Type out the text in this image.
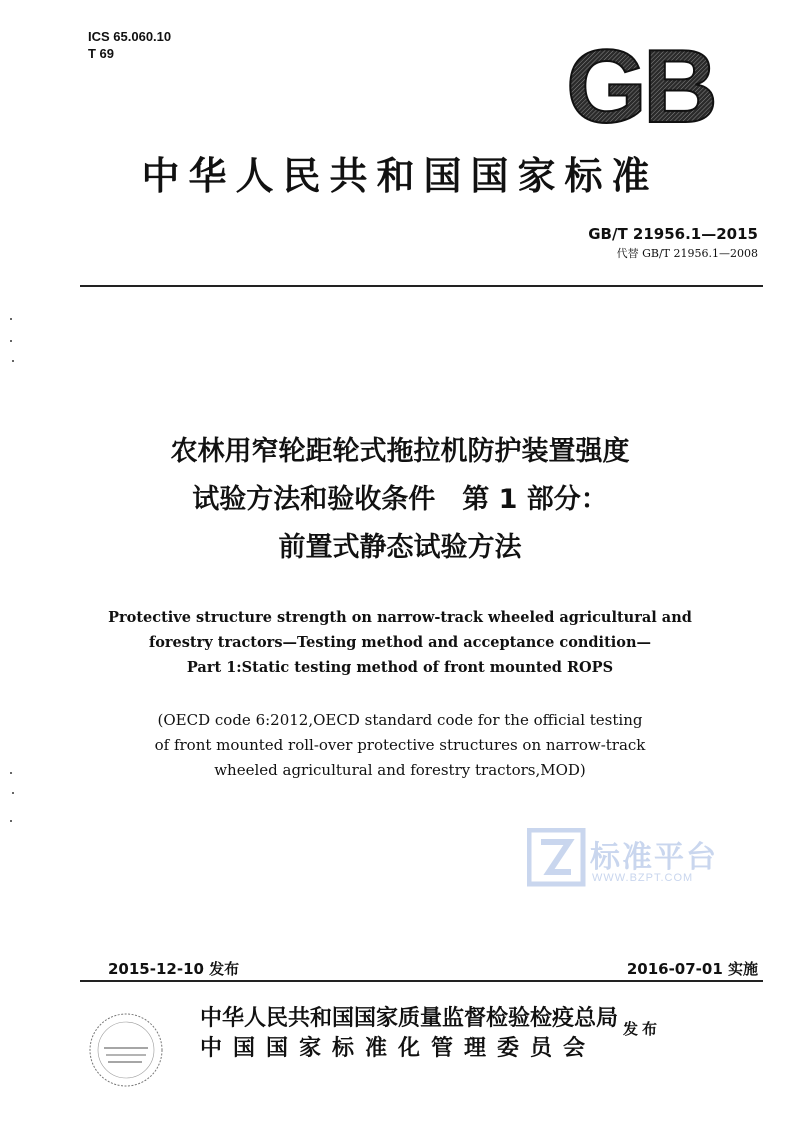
ICS 65.060.10
T 69	GB
中华人民共和国国家标准
GB/T 21956.1—2015
代替 GB/T 21956.1—2008
农林用窄轮距轮式拖拉机防护装置强度
试验方法和验收条件　第 1 部分：
前置式静态试验方法
Protective structure strength on narrow-track wheeled agricultural and
forestry tractors—Testing method and acceptance condition—
Part 1:Static testing method of front mounted ROPS
(OECD code 6:2012,OECD standard code for the official testing
of front mounted roll-over protective structures on narrow-track
wheeled agricultural and forestry tractors,MOD)
标准平台
WWW.BZPT.COM
2015-12-10 发布	2016-07-01 实施
中华人民共和国国家质量监督检验检疫总局
中国国家标准化管理委员会
发布
